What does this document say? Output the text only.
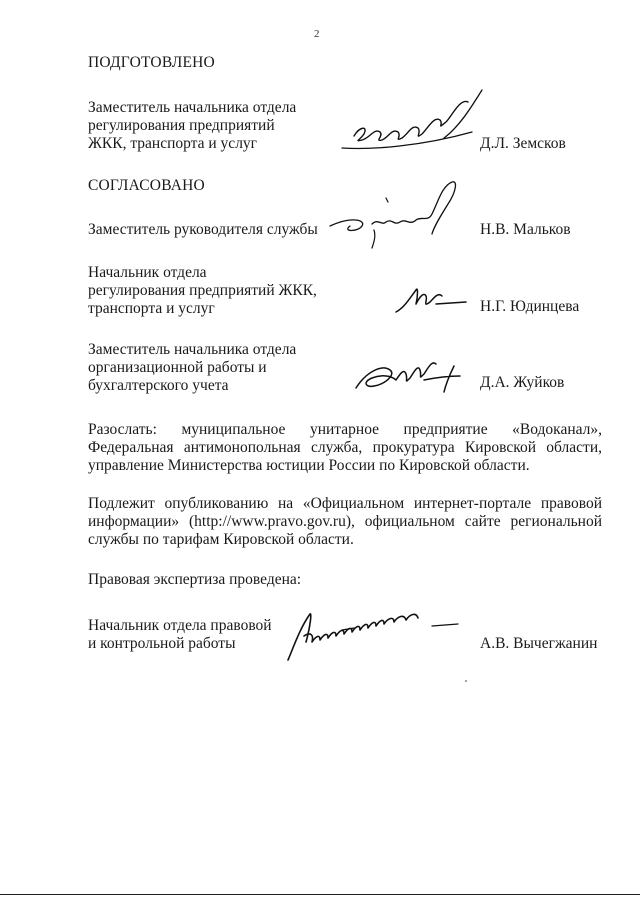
2
ПОДГОТОВЛЕНО
Заместитель начальника отдела
регулирования предприятий
ЖКК, транспорта и услуг	Д.Л. Земсков
СОГЛАСОВАНО
Заместитель руководителя службы	Н.В. Мальков
Начальник отдела
регулирования предприятий ЖКК,
транспорта и услуг	Н.Г. Юдинцева
Заместитель начальника отдела
организационной работы и
бухгалтерского учета	Д.А. Жуйков
Разослать: муниципальное унитарное предприятие «Водоканал»,
Федеральная антимонопольная служба, прокуратура Кировской области,
управление Министерства юстиции России по Кировской области.
Подлежит опубликованию на «Официальном интернет-портале правовой
информации» (http://www.pravo.gov.ru), официальном сайте региональной
службы по тарифам Кировской области.
Правовая экспертиза проведена:
Начальник отдела правовой
и контрольной работы	А.В. Вычегжанин
